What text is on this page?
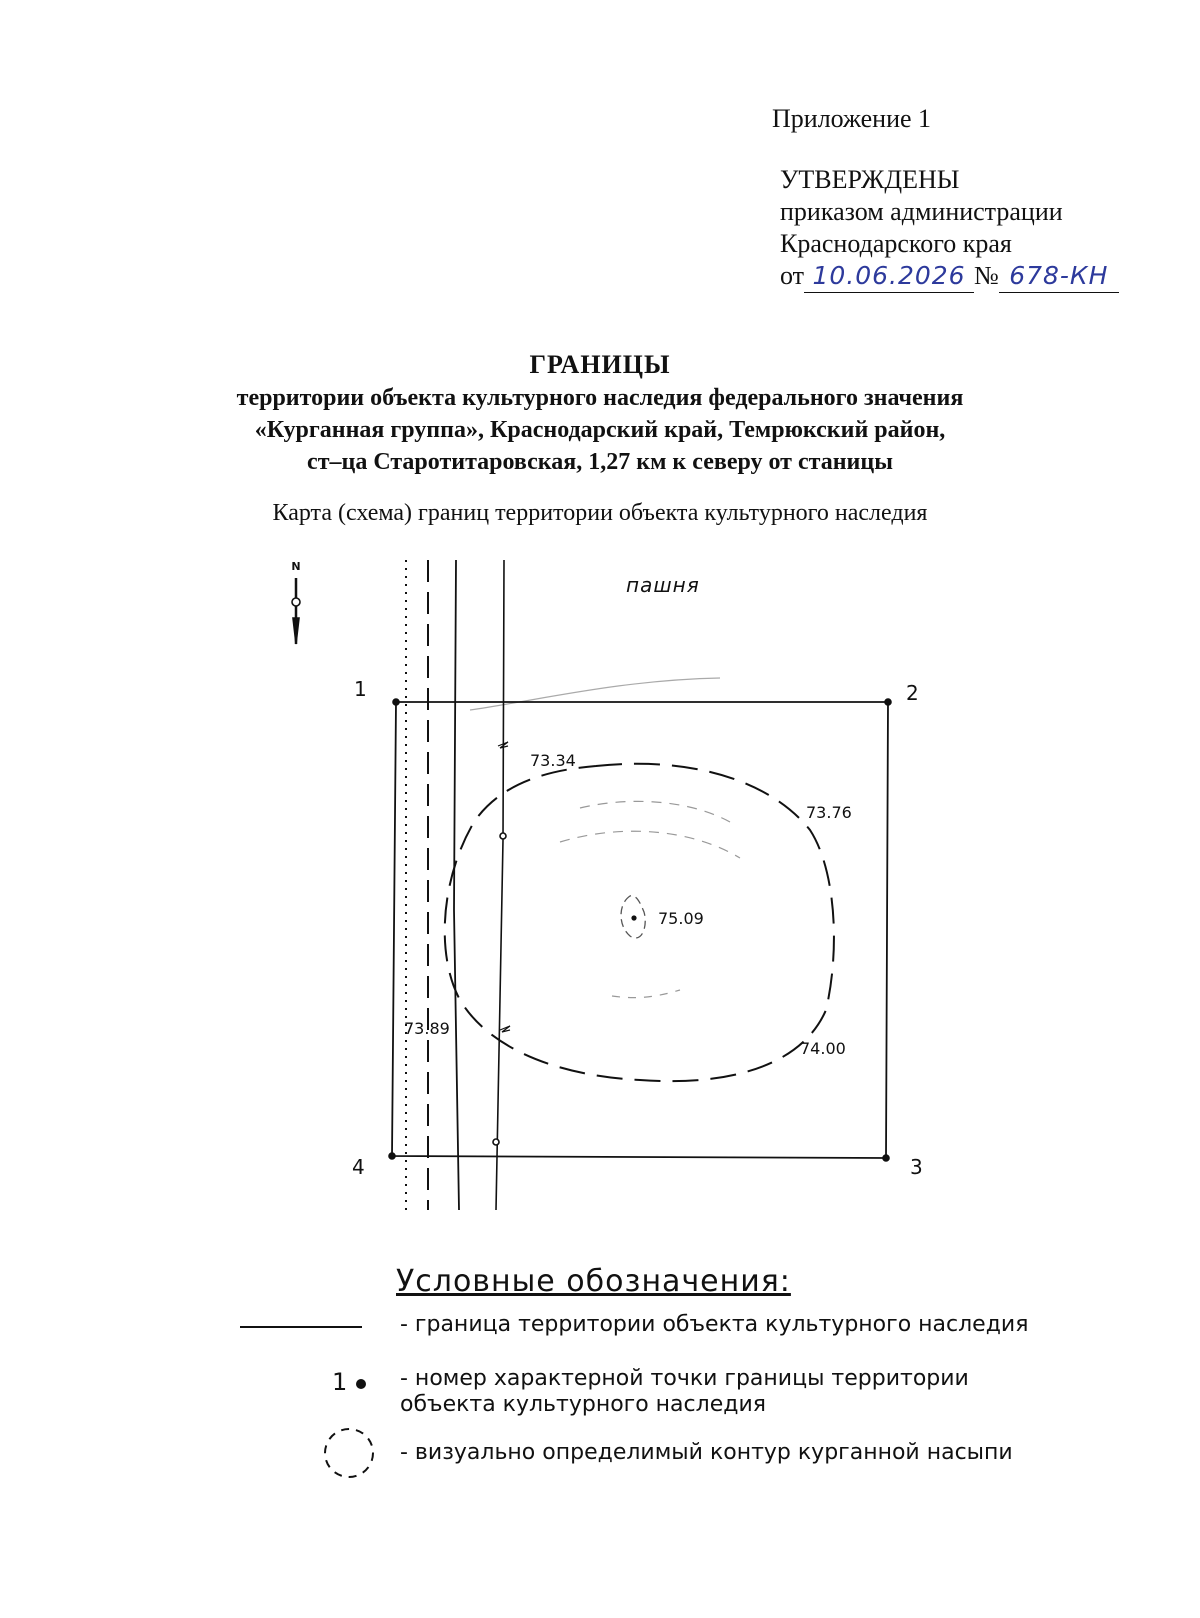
Приложение 1
УТВЕРЖДЕНЫ
приказом администрации
Краснодарского края
от 10.06.2026 № 678-КН
ГРАНИЦЫ
территории объекта культурного наследия федерального значения
«Курганная группа», Краснодарский край, Темрюкский район,
ст–ца Старотитаровская, 1,27 км к северу от станицы
Карта (схема) границ территории объекта культурного наследия
пашня
N
1	2
3
4
73.34
73.76
75.09
73.89
74.00
Условные обозначения:
- граница территории объекта культурного наследия
1 - номер характерной точки границы территории объекта культурного наследия
- визуально определимый контур курганной насыпи
